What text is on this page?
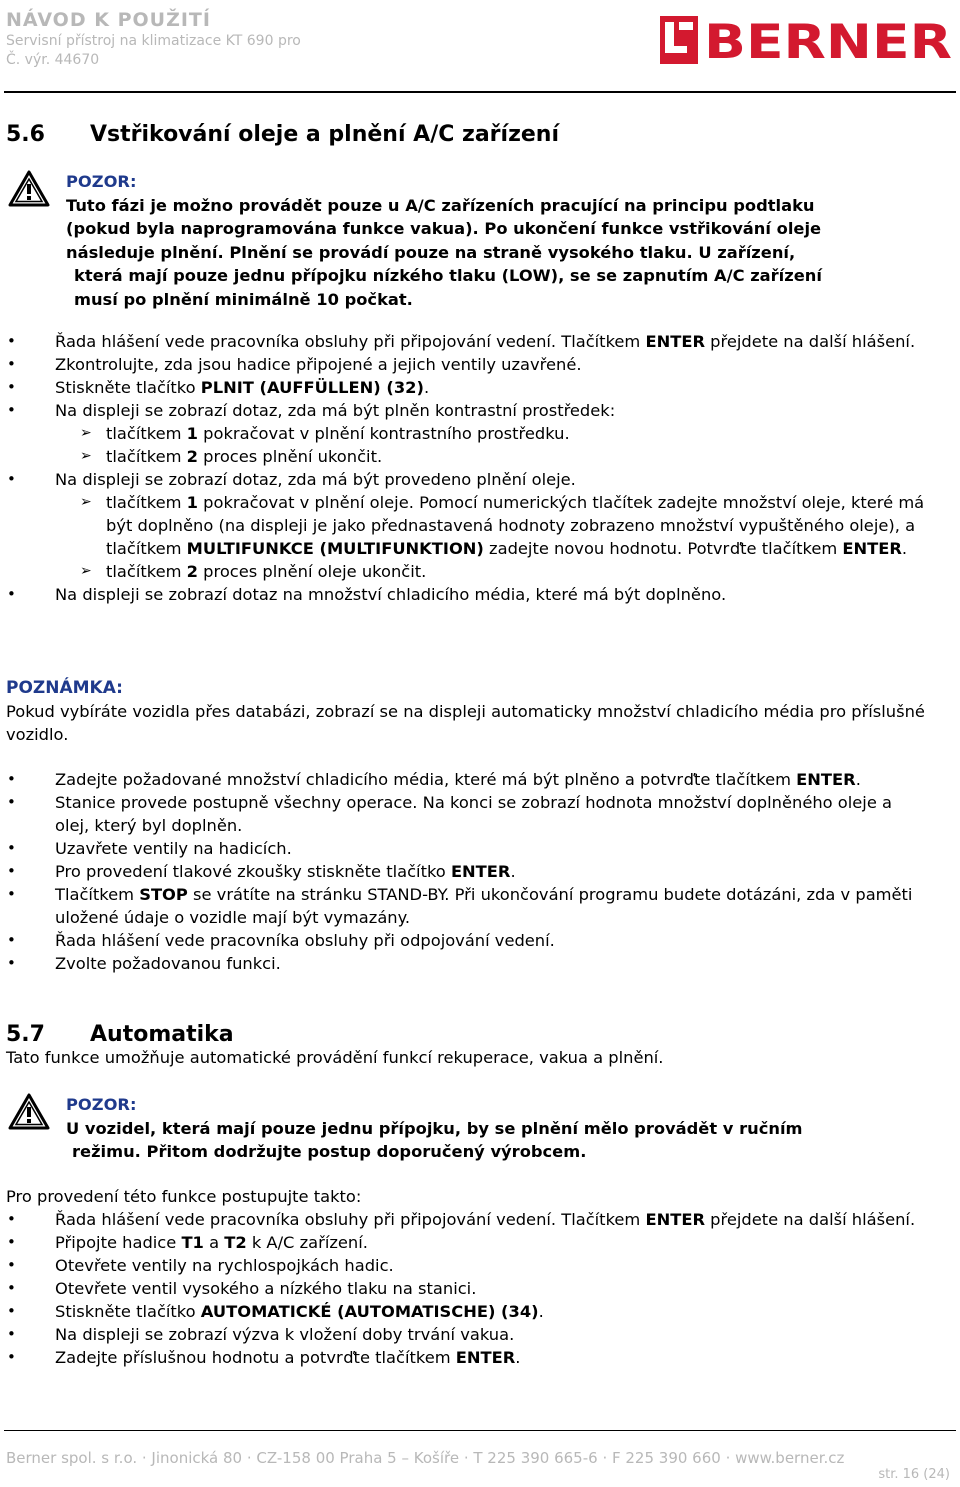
NÁVOD K POUŽITÍ
Servisní přístroj na klimatizace KT 690 pro
Č. výr. 44670	BERNER
5.6 Vstřikování oleje a plnění A/C zařízení
POZOR:
Tuto fázi je možno provádět pouze u A/C zařízeních pracující na principu podtlaku
(pokud byla naprogramována funkce vakua). Po ukončení funkce vstřikování oleje
následuje plnění. Plnění se provádí pouze na straně vysokého tlaku. U zařízení,
která mají pouze jednu přípojku nízkého tlaku (LOW), se se zapnutím A/C zařízení
musí po plnění minimálně 10 počkat.
• Řada hlášení vede pracovníka obsluhy při připojování vedení. Tlačítkem ENTER přejdete na další hlášení.
• Zkontrolujte, zda jsou hadice připojené a jejich ventily uzavřené.
• Stiskněte tlačítko PLNIT (AUFFÜLLEN) (32).
• Na displeji se zobrazí dotaz, zda má být plněn kontrastní prostředek:
➢ tlačítkem 1 pokračovat v plnění kontrastního prostředku.
➢ tlačítkem 2 proces plnění ukončit.
• Na displeji se zobrazí dotaz, zda má být provedeno plnění oleje.
➢ tlačítkem 1 pokračovat v plnění oleje. Pomocí numerických tlačítek zadejte množství oleje, které má být doplněno (na displeji je jako přednastavená hodnoty zobrazeno množství vypuštěného oleje), a tlačítkem MULTIFUNKCE (MULTIFUNKTION) zadejte novou hodnotu. Potvrďte tlačítkem ENTER.
➢ tlačítkem 2 proces plnění oleje ukončit.
• Na displeji se zobrazí dotaz na množství chladicího média, které má být doplněno.
POZNÁMKA:
Pokud vybíráte vozidla přes databázi, zobrazí se na displeji automaticky množství chladicího média pro příslušné vozidlo.
• Zadejte požadované množství chladicího média, které má být plněno a potvrďte tlačítkem ENTER.
• Stanice provede postupně všechny operace. Na konci se zobrazí hodnota množství doplněného oleje a olej, který byl doplněn.
• Uzavřete ventily na hadicích.
• Pro provedení tlakové zkoušky stiskněte tlačítko ENTER.
• Tlačítkem STOP se vrátíte na stránku STAND-BY. Při ukončování programu budete dotázáni, zda v paměti uložené údaje o vozidle mají být vymazány.
• Řada hlášení vede pracovníka obsluhy při odpojování vedení.
• Zvolte požadovanou funkci.
5.7 Automatika
Tato funkce umožňuje automatické provádění funkcí rekuperace, vakua a plnění.
POZOR:
U vozidel, která mají pouze jednu přípojku, by se plnění mělo provádět v ručním
režimu. Přitom dodržujte postup doporučený výrobcem.
Pro provedení této funkce postupujte takto:
• Řada hlášení vede pracovníka obsluhy při připojování vedení. Tlačítkem ENTER přejdete na další hlášení.
• Připojte hadice T1 a T2 k A/C zařízení.
• Otevřete ventily na rychlospojkách hadic.
• Otevřete ventil vysokého a nízkého tlaku na stanici.
• Stiskněte tlačítko AUTOMATICKÉ (AUTOMATISCHE) (34).
• Na displeji se zobrazí výzva k vložení doby trvání vakua.
• Zadejte příslušnou hodnotu a potvrďte tlačítkem ENTER.
Berner spol. s r.o. · Jinonická 80 · CZ-158 00 Praha 5 – Košíře · T 225 390 665-6 · F 225 390 660 · www.berner.cz
str. 16 (24)
